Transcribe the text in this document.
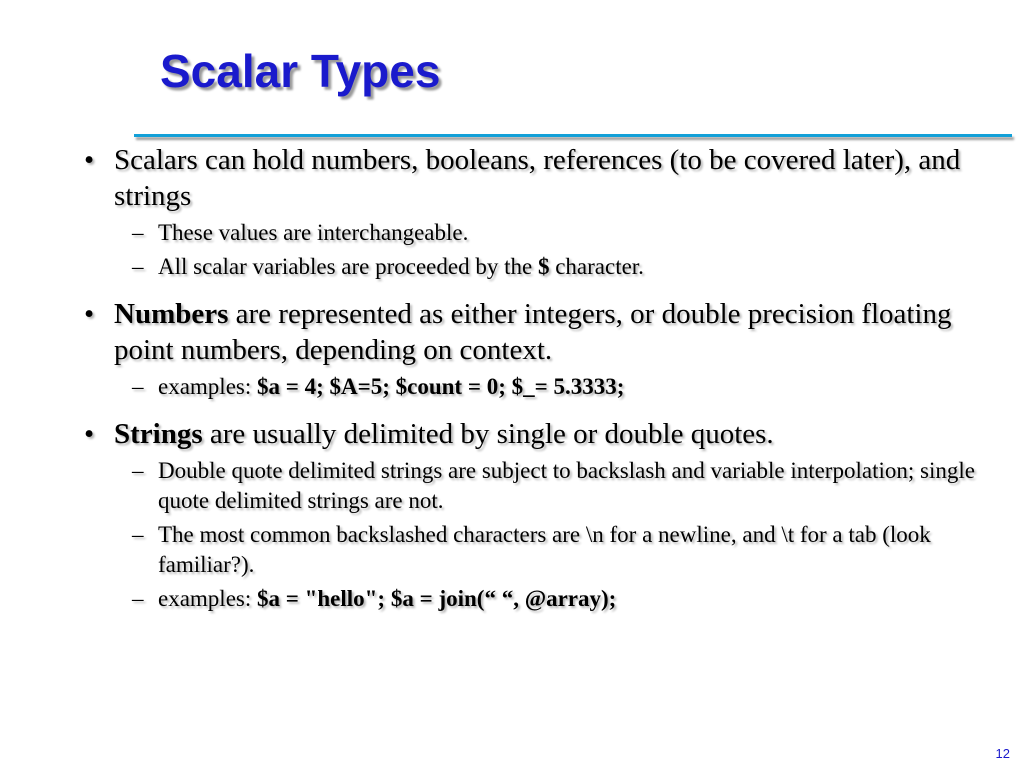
Scalar Types
• Scalars can hold numbers, booleans, references (to be covered later), and strings
– These values are interchangeable.
– All scalar variables are proceeded by the $ character.
• Numbers are represented as either integers, or double precision floating point numbers, depending on context.
– examples: $a = 4; $A=5; $count = 0; $_= 5.3333;
• Strings are usually delimited by single or double quotes.
– Double quote delimited strings are subject to backslash and variable interpolation; single quote delimited strings are not.
– The most common backslashed characters are \n for a newline, and \t for a tab (look familiar?).
– examples: $a = "hello"; $a = join(“ “, @array);
12
